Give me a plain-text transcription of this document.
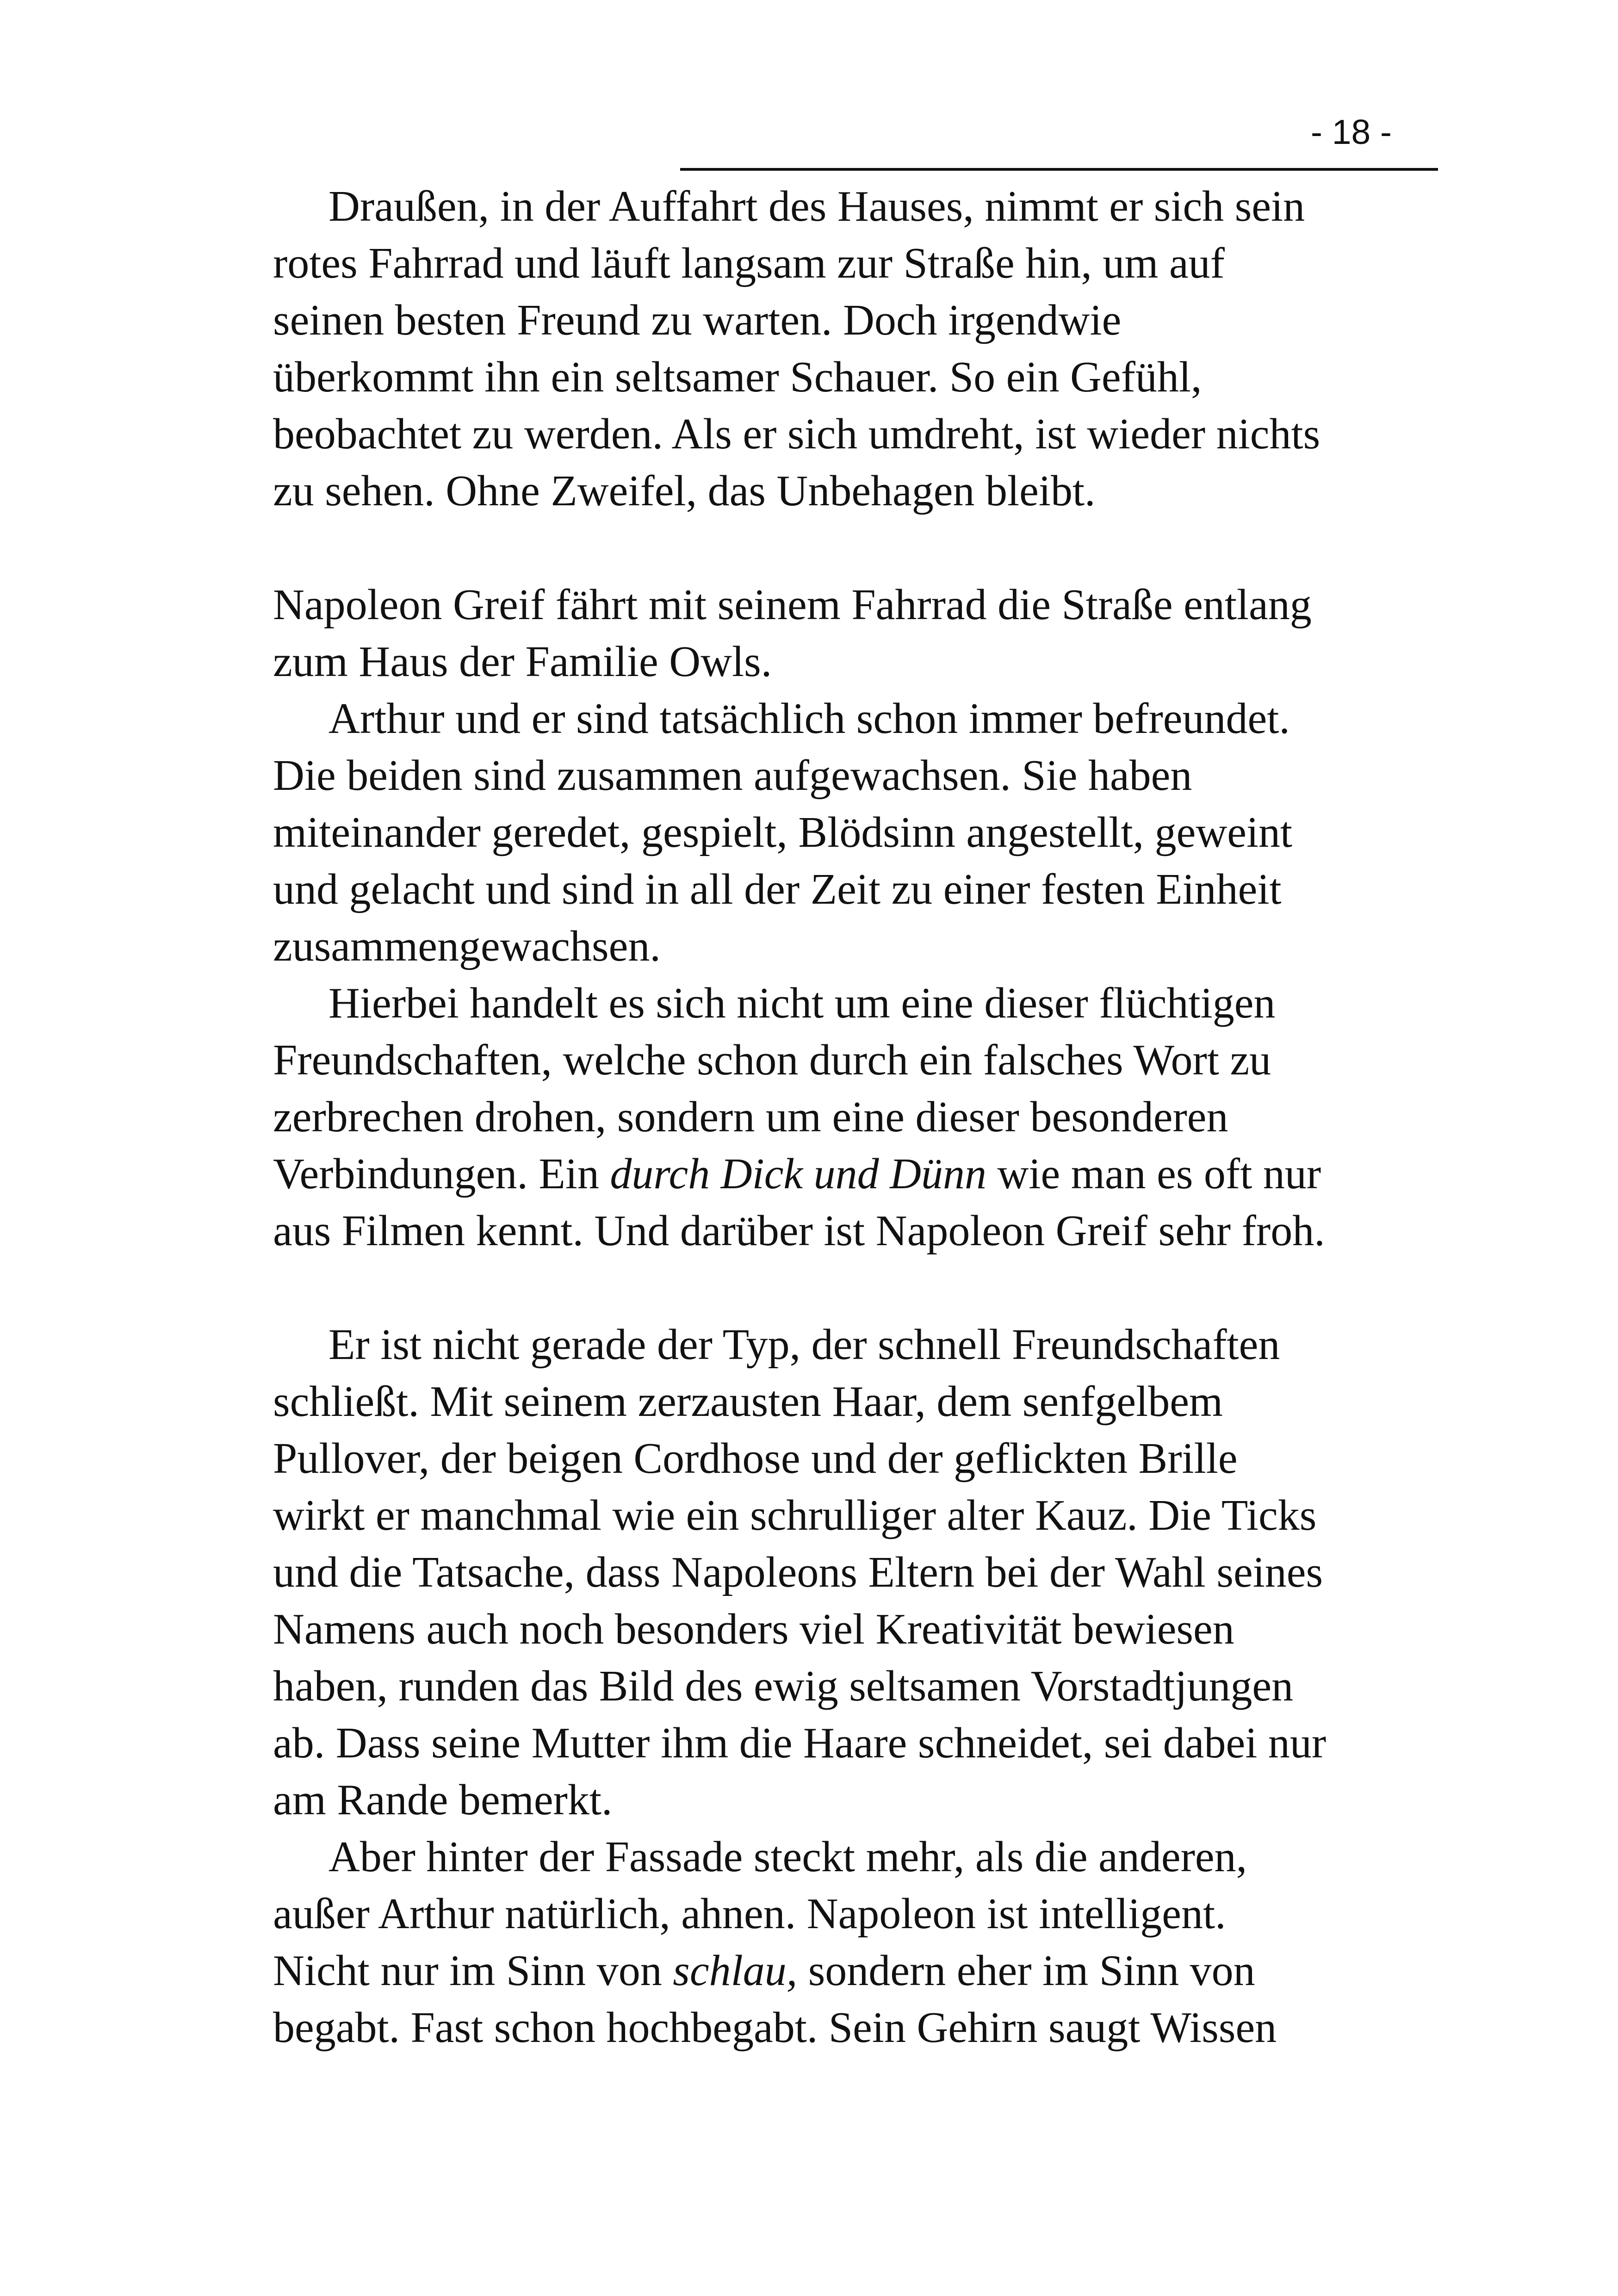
- 18 -

Draußen, in der Auffahrt des Hauses, nimmt er sich sein
rotes Fahrrad und läuft langsam zur Straße hin, um auf
seinen besten Freund zu warten. Doch irgendwie
überkommt ihn ein seltsamer Schauer. So ein Gefühl,
beobachtet zu werden. Als er sich umdreht, ist wieder nichts
zu sehen. Ohne Zweifel, das Unbehagen bleibt.

Napoleon Greif fährt mit seinem Fahrrad die Straße entlang
zum Haus der Familie Owls.

Arthur und er sind tatsächlich schon immer befreundet.
Die beiden sind zusammen aufgewachsen. Sie haben
miteinander geredet, gespielt, Blödsinn angestellt, geweint
und gelacht und sind in all der Zeit zu einer festen Einheit
zusammengewachsen.

Hierbei handelt es sich nicht um eine dieser flüchtigen
Freundschaften, welche schon durch ein falsches Wort zu
zerbrechen drohen, sondern um eine dieser besonderen
Verbindungen. Ein durch Dick und Dünn wie man es oft nur
aus Filmen kennt. Und darüber ist Napoleon Greif sehr froh.

Er ist nicht gerade der Typ, der schnell Freundschaften
schließt. Mit seinem zerzausten Haar, dem senfgelbem
Pullover, der beigen Cordhose und der geflickten Brille
wirkt er manchmal wie ein schrulliger alter Kauz. Die Ticks
und die Tatsache, dass Napoleons Eltern bei der Wahl seines
Namens auch noch besonders viel Kreativität bewiesen
haben, runden das Bild des ewig seltsamen Vorstadtjungen
ab. Dass seine Mutter ihm die Haare schneidet, sei dabei nur
am Rande bemerkt.

Aber hinter der Fassade steckt mehr, als die anderen,
außer Arthur natürlich, ahnen. Napoleon ist intelligent.
Nicht nur im Sinn von schlau, sondern eher im Sinn von
begabt. Fast schon hochbegabt. Sein Gehirn saugt Wissen
